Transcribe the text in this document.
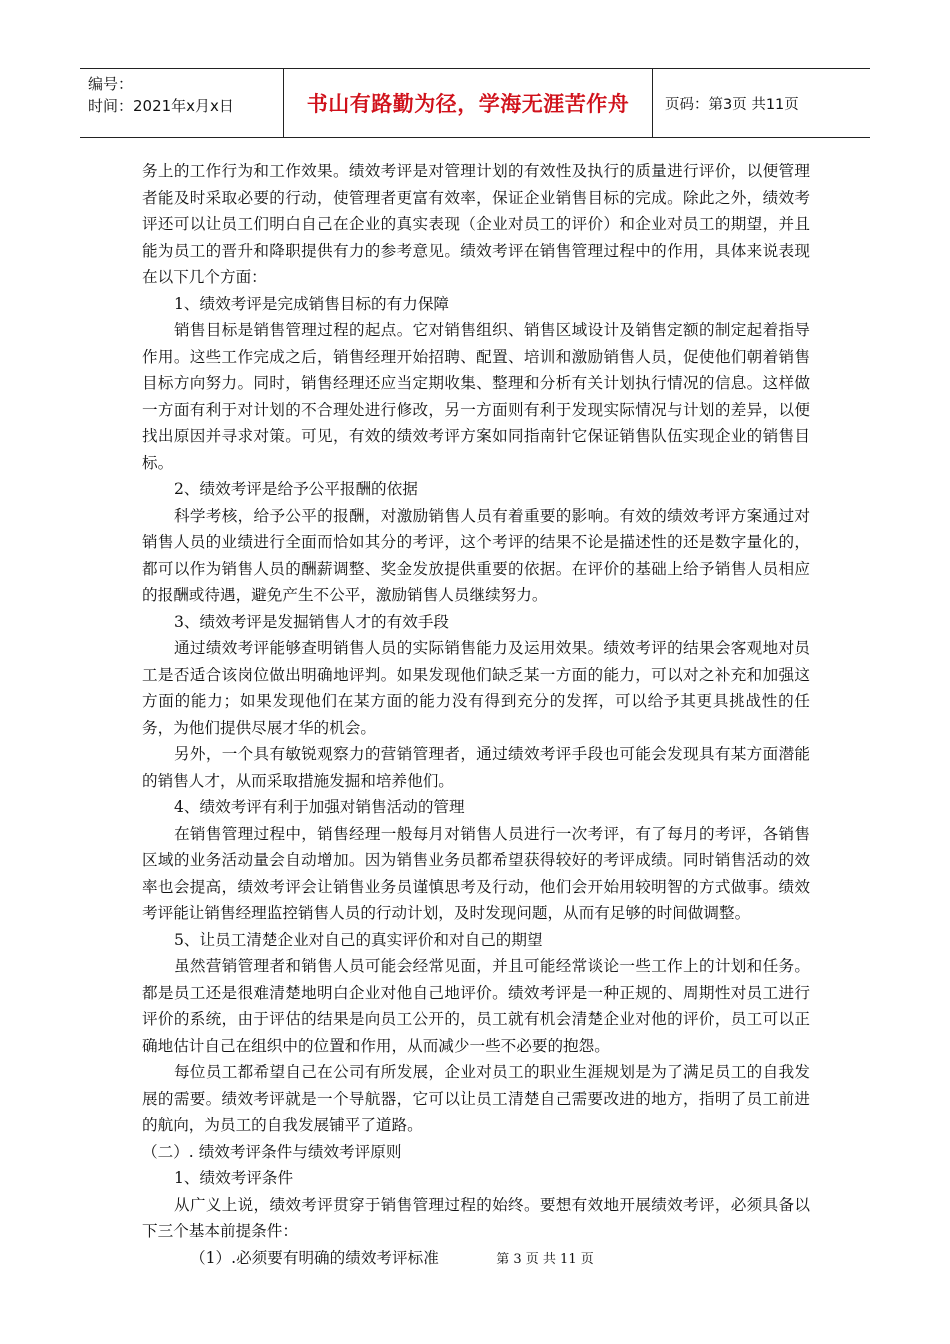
编号：
时间：2021年x月x日	书山有路勤为径，学海无涯苦作舟	页码：第3页 共11页

务上的工作行为和工作效果。绩效考评是对管理计划的有效性及执行的质量进行评价，以便管理者能及时采取必要的行动，使管理者更富有效率，保证企业销售目标的完成。除此之外，绩效考评还可以让员工们明白自己在企业的真实表现（企业对员工的评价）和企业对员工的期望，并且能为员工的晋升和降职提供有力的参考意见。绩效考评在销售管理过程中的作用，具体来说表现在以下几个方面：

1、绩效考评是完成销售目标的有力保障

销售目标是销售管理过程的起点。它对销售组织、销售区域设计及销售定额的制定起着指导作用。这些工作完成之后，销售经理开始招聘、配置、培训和激励销售人员，促使他们朝着销售目标方向努力。同时，销售经理还应当定期收集、整理和分析有关计划执行情况的信息。这样做一方面有利于对计划的不合理处进行修改，另一方面则有利于发现实际情况与计划的差异，以便找出原因并寻求对策。可见，有效的绩效考评方案如同指南针它保证销售队伍实现企业的销售目标。

2、绩效考评是给予公平报酬的依据

科学考核，给予公平的报酬，对激励销售人员有着重要的影响。有效的绩效考评方案通过对销售人员的业绩进行全面而恰如其分的考评，这个考评的结果不论是描述性的还是数字量化的，都可以作为销售人员的酬薪调整、奖金发放提供重要的依据。在评价的基础上给予销售人员相应的报酬或待遇，避免产生不公平，激励销售人员继续努力。

3、绩效考评是发掘销售人才的有效手段

通过绩效考评能够查明销售人员的实际销售能力及运用效果。绩效考评的结果会客观地对员工是否适合该岗位做出明确地评判。如果发现他们缺乏某一方面的能力，可以对之补充和加强这方面的能力；如果发现他们在某方面的能力没有得到充分的发挥，可以给予其更具挑战性的任务，为他们提供尽展才华的机会。

另外，一个具有敏锐观察力的营销管理者，通过绩效考评手段也可能会发现具有某方面潜能的销售人才，从而采取措施发掘和培养他们。

4、绩效考评有利于加强对销售活动的管理

在销售管理过程中，销售经理一般每月对销售人员进行一次考评，有了每月的考评，各销售区域的业务活动量会自动增加。因为销售业务员都希望获得较好的考评成绩。同时销售活动的效率也会提高，绩效考评会让销售业务员谨慎思考及行动，他们会开始用较明智的方式做事。绩效考评能让销售经理监控销售人员的行动计划，及时发现问题，从而有足够的时间做调整。

5、让员工清楚企业对自己的真实评价和对自己的期望

虽然营销管理者和销售人员可能会经常见面，并且可能经常谈论一些工作上的计划和任务。都是员工还是很难清楚地明白企业对他自己地评价。绩效考评是一种正规的、周期性对员工进行评价的系统，由于评估的结果是向员工公开的，员工就有机会清楚企业对他的评价，员工可以正确地估计自己在组织中的位置和作用，从而减少一些不必要的抱怨。

每位员工都希望自己在公司有所发展，企业对员工的职业生涯规划是为了满足员工的自我发展的需要。绩效考评就是一个导航器，它可以让员工清楚自己需要改进的地方，指明了员工前进的航向，为员工的自我发展铺平了道路。

（二）. 绩效考评条件与绩效考评原则

1、绩效考评条件

从广义上说，绩效考评贯穿于销售管理过程的始终。要想有效地开展绩效考评，必须具备以下三个基本前提条件：

（1）.必须要有明确的绩效考评标准	第 3 页 共 11 页
